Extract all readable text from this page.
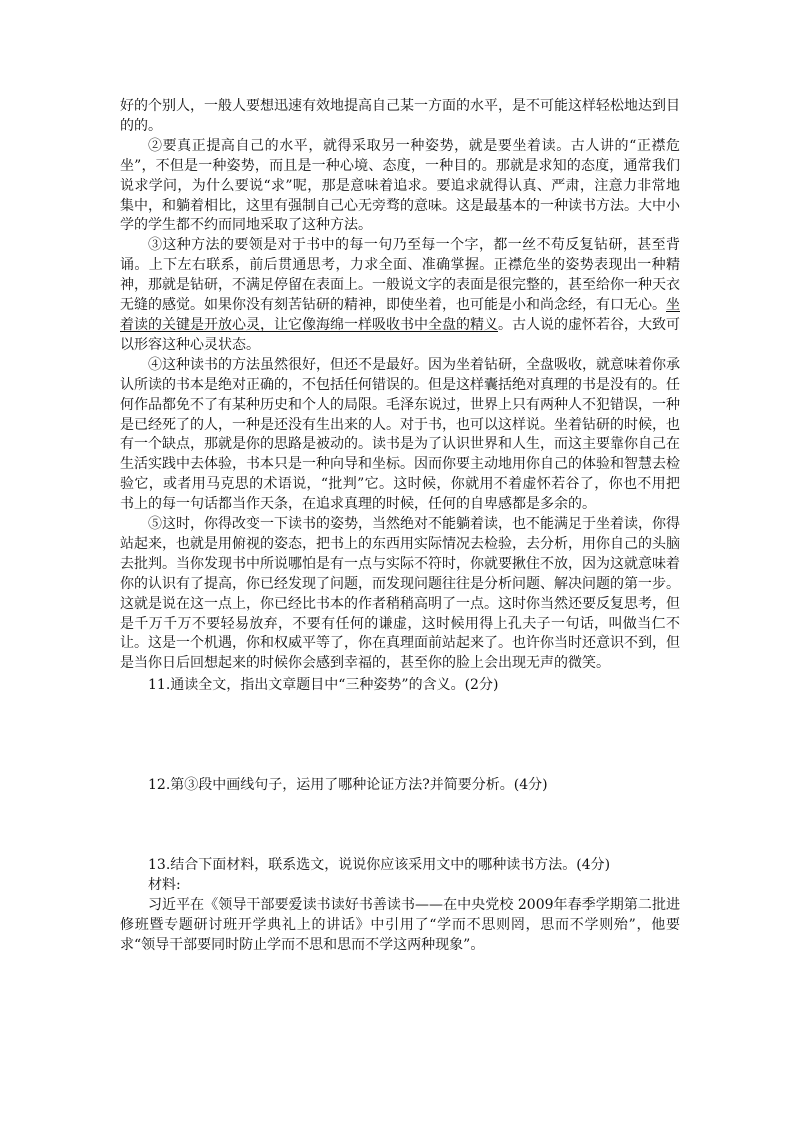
好的个别人，一般人要想迅速有效地提高自己某一方面的水平，是不可能这样轻松地达到目的的。

②要真正提高自己的水平，就得采取另一种姿势，就是要坐着读。古人讲的“正襟危坐”，不但是一种姿势，而且是一种心境、态度，一种目的。那就是求知的态度，通常我们说求学问，为什么要说“求”呢，那是意味着追求。要追求就得认真、严肃，注意力非常地集中，和躺着相比，这里有强制自己心无旁骛的意味。这是最基本的一种读书方法。大中小学的学生都不约而同地采取了这种方法。

③这种方法的要领是对于书中的每一句乃至每一个字，都一丝不苟反复钻研，甚至背诵。上下左右联系，前后贯通思考，力求全面、准确掌握。正襟危坐的姿势表现出一种精神，那就是钻研，不满足停留在表面上。一般说文字的表面是很完整的，甚至给你一种天衣无缝的感觉。如果你没有刻苦钻研的精神，即使坐着，也可能是小和尚念经，有口无心。坐着读的关键是开放心灵，让它像海绵一样吸收书中全盘的精义。古人说的虚怀若谷，大致可以形容这种心灵状态。

④这种读书的方法虽然很好，但还不是最好。因为坐着钻研，全盘吸收，就意味着你承认所读的书本是绝对正确的，不包括任何错误的。但是这样囊括绝对真理的书是没有的。任何作品都免不了有某种历史和个人的局限。毛泽东说过，世界上只有两种人不犯错误，一种是已经死了的人，一种是还没有生出来的人。对于书，也可以这样说。坐着钻研的时候，也有一个缺点，那就是你的思路是被动的。读书是为了认识世界和人生，而这主要靠你自己在生活实践中去体验，书本只是一种向导和坐标。因而你要主动地用你自己的体验和智慧去检验它，或者用马克思的术语说，“批判”它。这时候，你就用不着虚怀若谷了，你也不用把书上的每一句话都当作天条，在追求真理的时候，任何的自卑感都是多余的。

⑤这时，你得改变一下读书的姿势，当然绝对不能躺着读，也不能满足于坐着读，你得站起来，也就是用俯视的姿态，把书上的东西用实际情况去检验，去分析，用你自己的头脑去批判。当你发现书中所说哪怕是有一点与实际不符时，你就要揪住不放，因为这就意味着你的认识有了提高，你已经发现了问题，而发现问题往往是分析问题、解决问题的第一步。这就是说在这一点上，你已经比书本的作者稍稍高明了一点。这时你当然还要反复思考，但是千万千万不要轻易放弃，不要有任何的谦虚，这时候用得上孔夫子一句话，叫做当仁不让。这是一个机遇，你和权威平等了，你在真理面前站起来了。也许你当时还意识不到，但是当你日后回想起来的时候你会感到幸福的，甚至你的脸上会出现无声的微笑。

11.通读全文，指出文章题目中“三种姿势”的含义。(2分)

12.第③段中画线句子，运用了哪种论证方法?并简要分析。(4分)

13.结合下面材料，联系选文，说说你应该采用文中的哪种读书方法。(4分)

材料:

习近平在《领导干部要爱读书读好书善读书——在中央党校 2009年春季学期第二批进修班暨专题研讨班开学典礼上的讲话》中引用了“学而不思则罔，思而不学则殆”，他要求“领导干部要同时防止学而不思和思而不学这两种现象”。
